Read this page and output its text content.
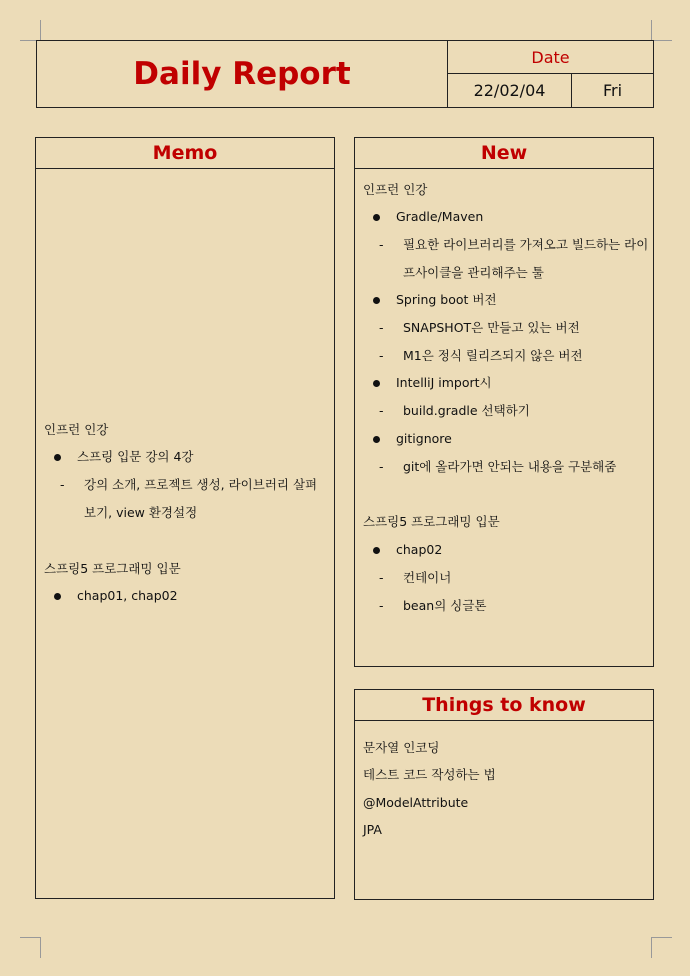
Daily Report	Date
22/02/04	Fri
Memo
인프런 인강
스프링 입문 강의 4강
- 강의 소개, 프로젝트 생성, 라이브러리 살펴
보기, view 환경설정
스프링5 프로그래밍 입문
chap01, chap02
New
인프런 인강
Gradle/Maven
- 필요한 라이브러리를 가져오고 빌드하는 라이
프사이클을 관리해주는 툴
Spring boot 버전
- SNAPSHOT은 만들고 있는 버전
- M1은 정식 릴리즈되지 않은 버전
IntelliJ import시
- build.gradle 선택하기
gitignore
- git에 올라가면 안되는 내용을 구분해줌
스프링5 프로그래밍 입문
chap02
- 컨테이너
- bean의 싱글톤
Things to know
문자열 인코딩
테스트 코드 작성하는 법
@ModelAttribute
JPA
